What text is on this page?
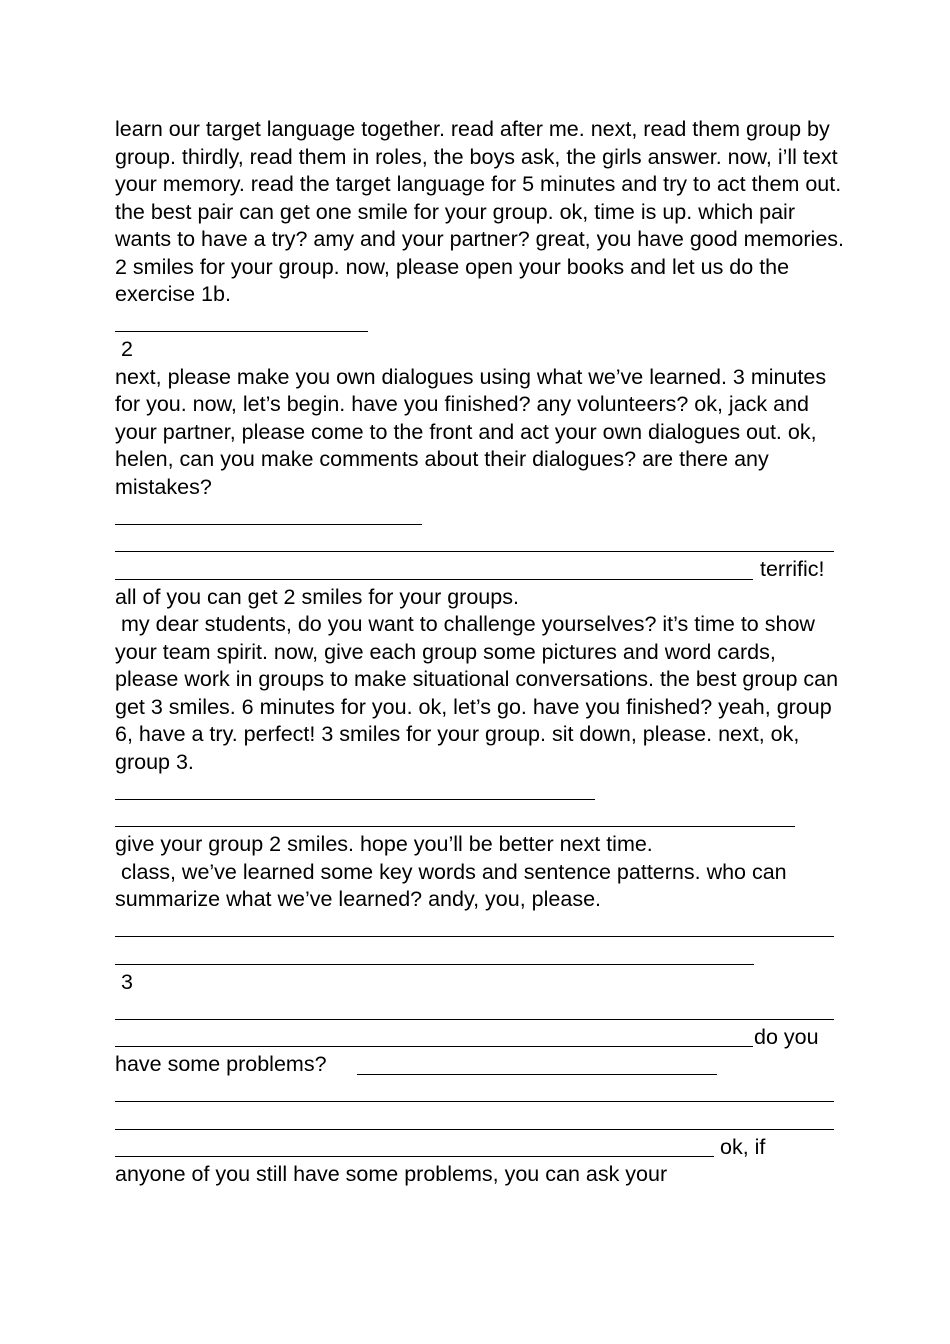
learn our target language together. read after me. next, read them group by group. thirdly, read them in roles, the boys ask, the girls answer. now, i’ll text your memory. read the target language for 5 minutes and try to act them out. the best pair can get one smile for your group. ok, time is up. which pair wants to have a try? amy and your partner? great, you have good memories. 2 smiles for your group. now, please open your books and let us do the exercise 1b.

2

next, please make you own dialogues using what we’ve learned. 3 minutes for you. now, let’s begin. have you finished? any volunteers? ok, jack and your partner, please come to the front and act your own dialogues out. ok, helen, can you make comments about their dialogues? are there any mistakes?

terrific!

all of you can get 2 smiles for your groups.

my dear students, do you want to challenge yourselves? it’s time to show your team spirit. now, give each group some pictures and word cards, please work in groups to make situational conversations. the best group can get 3 smiles. 6 minutes for you. ok, let’s go. have you finished? yeah, group 6, have a try. perfect! 3 smiles for your group. sit down, please. next, ok, group 3.

give your group 2 smiles. hope you’ll be better next time.

class, we’ve learned some key words and sentence patterns. who can summarize what we’ve learned? andy, you, please.

3

do you
have some problems?
ok, if

anyone of you still have some problems, you can ask your
